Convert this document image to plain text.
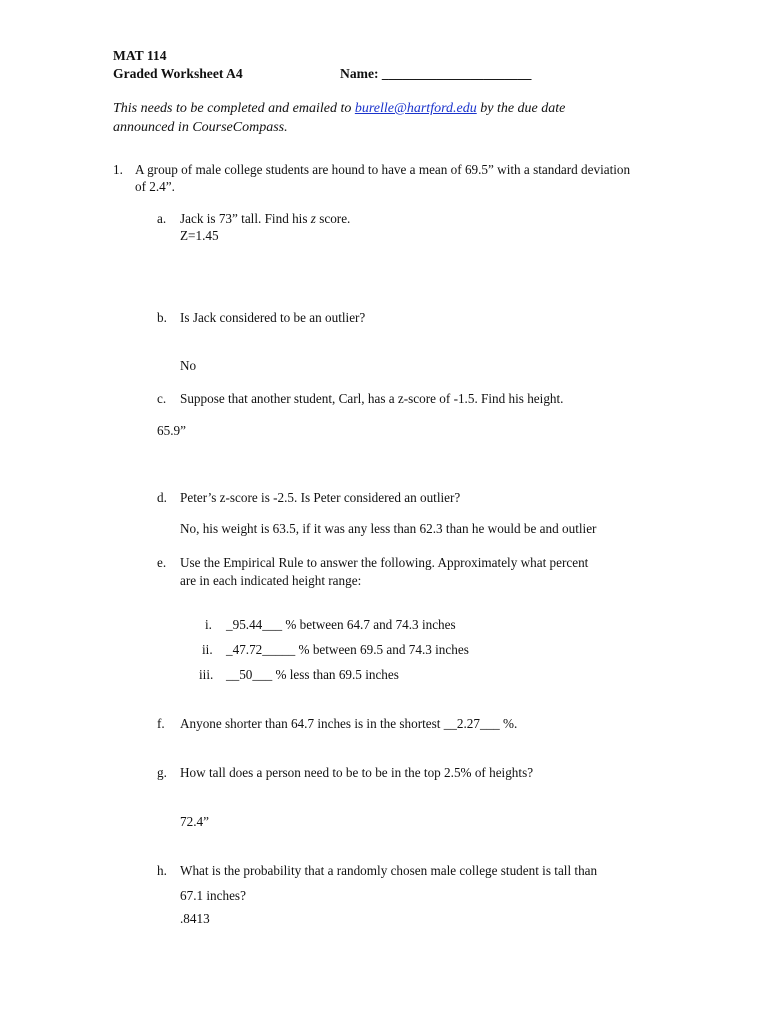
MAT 114
Graded Worksheet A4	Name: ______________________
This needs to be completed and emailed to burelle@hartford.edu by the due date
announced in CourseCompass.
1. A group of male college students are hound to have a mean of 69.5” with a standard deviation
of 2.4”.
a. Jack is 73” tall. Find his z score.
Z=1.45
b. Is Jack considered to be an outlier?
No
c. Suppose that another student, Carl, has a z-score of -1.5. Find his height.
65.9”
d. Peter’s z-score is -2.5. Is Peter considered an outlier?
No, his weight is 63.5, if it was any less than 62.3 than he would be and outlier
e. Use the Empirical Rule to answer the following. Approximately what percent
are in each indicated height range:
i. _95.44___ % between 64.7 and 74.3 inches
ii. _47.72_____ % between 69.5 and 74.3 inches
iii. __50___ % less than 69.5 inches
f. Anyone shorter than 64.7 inches is in the shortest __2.27___ %.
g. How tall does a person need to be to be in the top 2.5% of heights?
72.4”
h. What is the probability that a randomly chosen male college student is tall than
67.1 inches?
.8413
